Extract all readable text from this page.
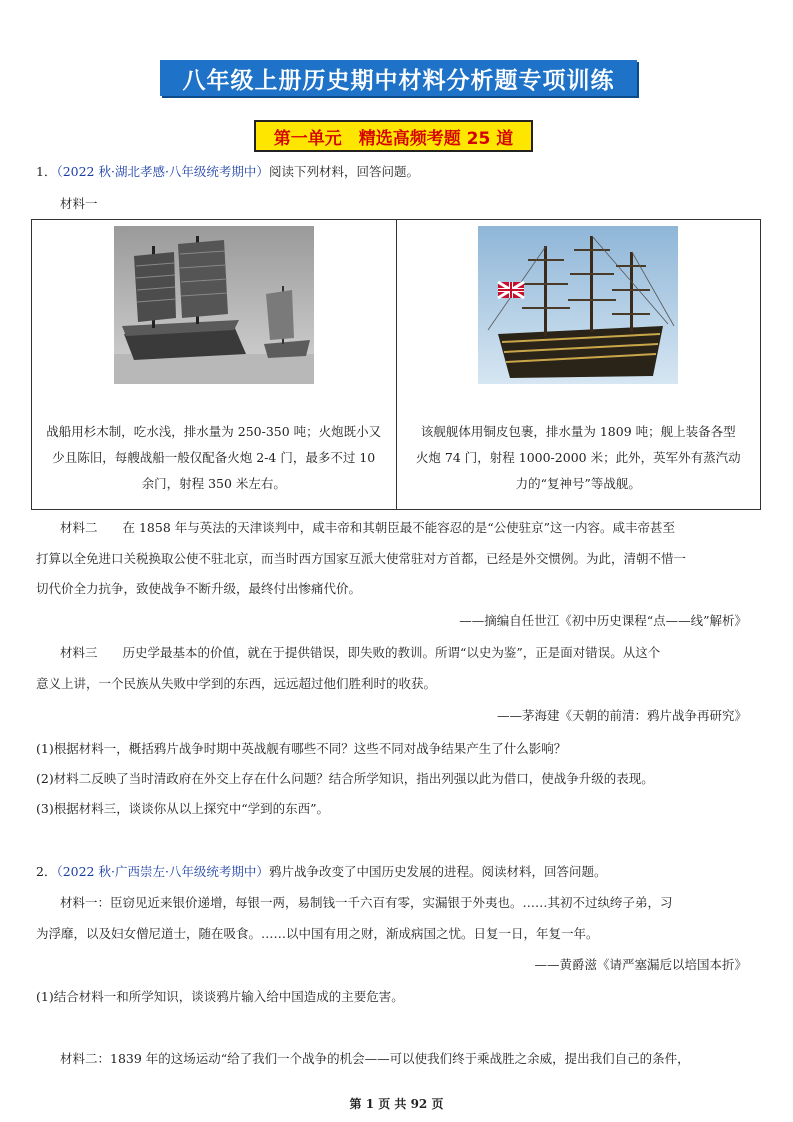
八年级上册历史期中材料分析题专项训练
第一单元　精选高频考题 25 道
1．（2022 秋·湖北孝感·八年级统考期中）阅读下列材料，回答问题。
材料一
战船用杉木制，吃水浅，排水量为 250-350 吨；火炮既小又
少且陈旧，每艘战船一般仅配备火炮 2-4 门，最多不过 10
余门，射程 350 米左右。
该舰舰体用铜皮包裹，排水量为 1809 吨；舰上装备各型
火炮 74 门，射程 1000-2000 米；此外，英军外有蒸汽动
力的“复神号”等战舰。
材料二　　在 1858 年与英法的天津谈判中，咸丰帝和其朝臣最不能容忍的是“公使驻京”这一内容。咸丰帝甚至
打算以全免进口关税换取公使不驻北京，而当时西方国家互派大使常驻对方首都，已经是外交惯例。为此，清朝不惜一
切代价全力抗争，致使战争不断升级，最终付出惨痛代价。
——摘编自任世江《初中历史课程“点——线”解析》
材料三　　历史学最基本的价值，就在于提供错误，即失败的教训。所谓“以史为鉴”，正是面对错误。从这个
意义上讲，一个民族从失败中学到的东西，远远超过他们胜利时的收获。
——茅海建《天朝的前清：鸦片战争再研究》
(1)根据材料一，概括鸦片战争时期中英战舰有哪些不同？这些不同对战争结果产生了什么影响？
(2)材料二反映了当时清政府在外交上存在什么问题？结合所学知识，指出列强以此为借口，使战争升级的表现。
(3)根据材料三，谈谈你从以上探究中“学到的东西”。
2．（2022 秋·广西崇左·八年级统考期中）鸦片战争改变了中国历史发展的进程。阅读材料，回答问题。
材料一：臣窃见近来银价递增，每银一两，易制钱一千六百有零，实漏银于外夷也。……其初不过纨绔子弟，习
为浮靡，以及妇女僧尼道士，随在吸食。……以中国有用之财，渐成病国之忧。日复一日，年复一年。
——黄爵滋《请严塞漏卮以培国本折》
(1)结合材料一和所学知识，谈谈鸦片输入给中国造成的主要危害。
材料二：1839 年的这场运动“给了我们一个战争的机会——可以使我们终于乘战胜之余威，提出我们自己的条件，
第 1 页 共 92 页
